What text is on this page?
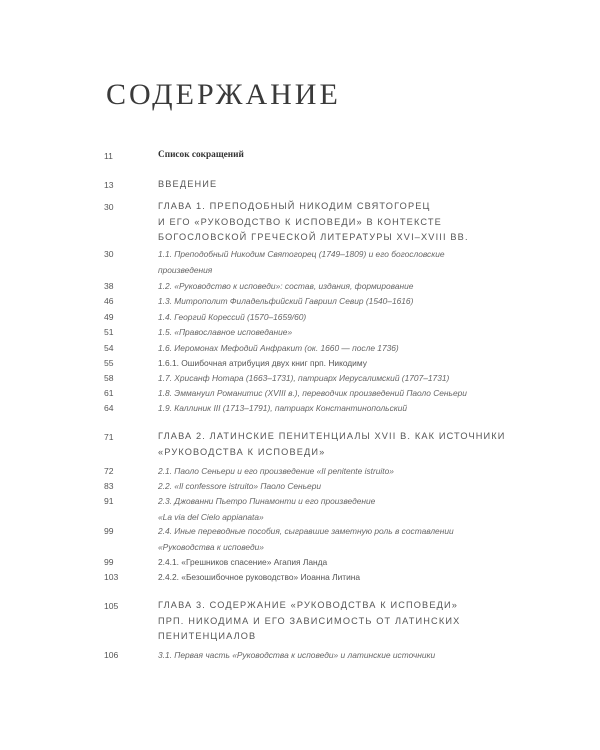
СОДЕРЖАНИЕ
11	Список сокращений
13	ВВЕДЕНИЕ
30	ГЛАВА 1. ПРЕПОДОБНЫЙ НИКОДИМ СВЯТОГОРЕЦ
И ЕГО «РУКОВОДСТВО К ИСПОВЕДИ» В КОНТЕКСТЕ
БОГОСЛОВСКОЙ ГРЕЧЕСКОЙ ЛИТЕРАТУРЫ XVI–XVIII ВВ.
30	1.1. Преподобный Никодим Святогорец (1749–1809) и его богословские
произведения
38	1.2. «Руководство к исповеди»: состав, издания, формирование
46	1.3. Митрополит Филадельфийский Гавриил Севир (1540–1616)
49	1.4. Георгий Корессий (1570–1659/60)
51	1.5. «Православное исповедание»
54	1.6. Иеромонах Мефодий Анфракит (ок. 1660 — после 1736)
55	1.6.1. Ошибочная атрибуция двух книг прп. Никодиму
58	1.7. Хрисанф Нотара (1663–1731), патриарх Иерусалимский (1707–1731)
61	1.8. Эммануил Романитис (XVIII в.), переводчик произведений Паоло Сеньери
64	1.9. Каллиник III (1713–1791), патриарх Константинопольский
71	ГЛАВА 2. ЛАТИНСКИЕ ПЕНИТЕНЦИАЛЫ XVII В. КАК ИСТОЧНИКИ
«РУКОВОДСТВА К ИСПОВЕДИ»
72	2.1. Паоло Сеньери и его произведение «Il penitente istruito»
83	2.2. «Il confessore istruito» Паоло Сеньери
91	2.3. Джованни Пьетро Пинамонти и его произведение
«La via del Cielo appianata»
99	2.4. Иные переводные пособия, сыгравшие заметную роль в составлении
«Руководства к исповеди»
99	2.4.1. «Грешников спасение» Агапия Ланда
103	2.4.2. «Безошибочное руководство» Иоанна Литина
105	ГЛАВА 3. СОДЕРЖАНИЕ «РУКОВОДСТВА К ИСПОВЕДИ»
ПРП. НИКОДИМА И ЕГО ЗАВИСИМОСТЬ ОТ ЛАТИНСКИХ
ПЕНИТЕНЦИАЛОВ
106	3.1. Первая часть «Руководства к исповеди» и латинские источники
